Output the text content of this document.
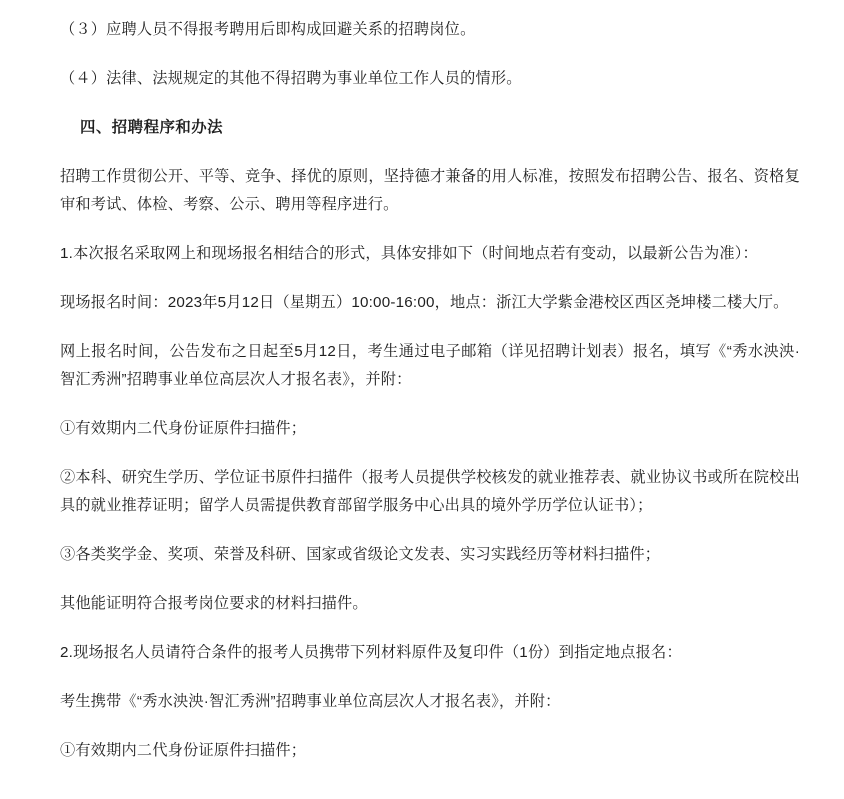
（３）应聘人员不得报考聘用后即构成回避关系的招聘岗位。

（４）法律、法规规定的其他不得招聘为事业单位工作人员的情形。

四、招聘程序和办法

招聘工作贯彻公开、平等、竞争、择优的原则，坚持德才兼备的用人标准，按照发布招聘公告、报名、资格复审和考试、体检、考察、公示、聘用等程序进行。

1.本次报名采取网上和现场报名相结合的形式，具体安排如下（时间地点若有变动，以最新公告为准）：

现场报名时间：2023年5月12日（星期五）10:00-16:00，地点：浙江大学紫金港校区西区尧坤楼二楼大厅。

网上报名时间，公告发布之日起至5月12日，考生通过电子邮箱（详见招聘计划表）报名，填写《“秀水泱泱·智汇秀洲”招聘事业单位高层次人才报名表》，并附：

①有效期内二代身份证原件扫描件；

②本科、研究生学历、学位证书原件扫描件（报考人员提供学校核发的就业推荐表、就业协议书或所在院校出具的就业推荐证明；留学人员需提供教育部留学服务中心出具的境外学历学位认证书）；

③各类奖学金、奖项、荣誉及科研、国家或省级论文发表、实习实践经历等材料扫描件；

其他能证明符合报考岗位要求的材料扫描件。

2.现场报名人员请符合条件的报考人员携带下列材料原件及复印件（1份）到指定地点报名：

考生携带《“秀水泱泱·智汇秀洲”招聘事业单位高层次人才报名表》，并附：

①有效期内二代身份证原件扫描件；
